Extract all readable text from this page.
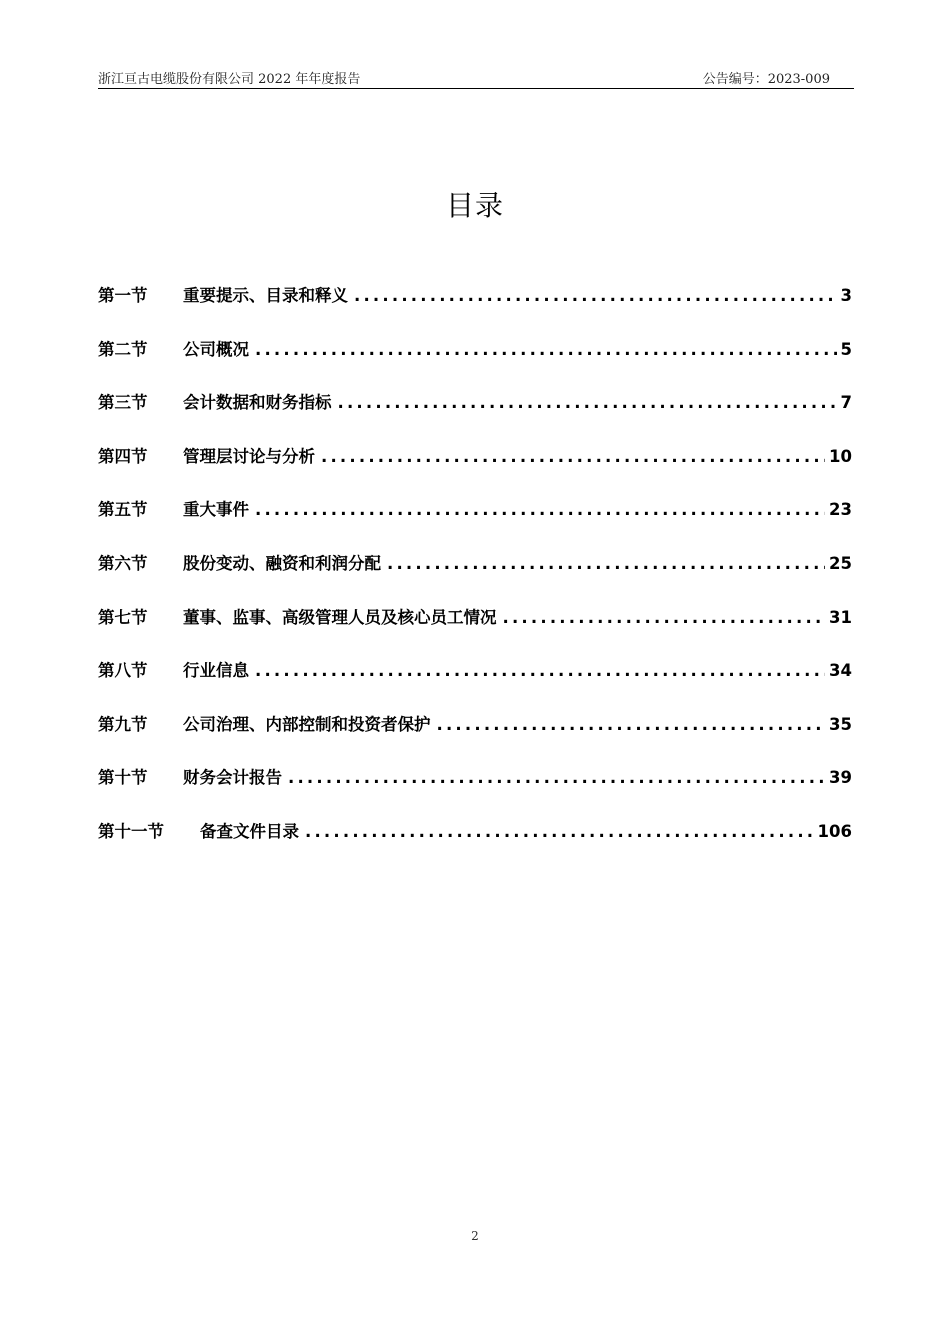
浙江亘古电缆股份有限公司 2022 年年度报告	公告编号：2023-009
目录
第一节	重要提示、目录和释义 .....	3
第二节	公司概况 .....	5
第三节	会计数据和财务指标 .....	7
第四节	管理层讨论与分析 .....	10
第五节	重大事件 .....	23
第六节	股份变动、融资和利润分配 .....	25
第七节	董事、监事、高级管理人员及核心员工情况 .....	31
第八节	行业信息 .....	34
第九节	公司治理、内部控制和投资者保护 .....	35
第十节	财务会计报告 .....	39
第十一节	备查文件目录 .....	106
2
